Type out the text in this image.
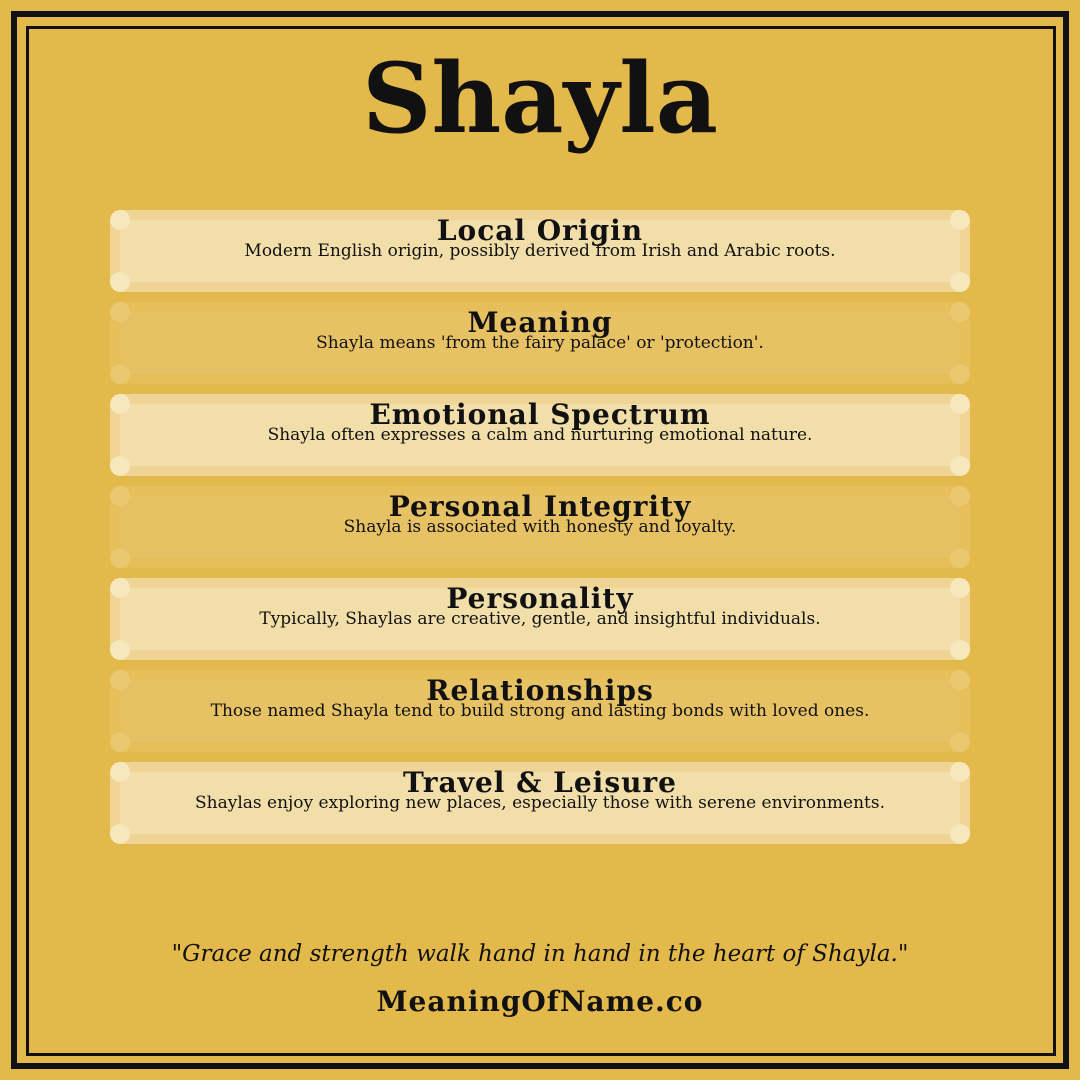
Shayla
Local Origin
Modern English origin, possibly derived from Irish and Arabic roots.
Meaning
Shayla means 'from the fairy palace' or 'protection'.
Emotional Spectrum
Shayla often expresses a calm and nurturing emotional nature.
Personal Integrity
Shayla is associated with honesty and loyalty.
Personality
Typically, Shaylas are creative, gentle, and insightful individuals.
Relationships
Those named Shayla tend to build strong and lasting bonds with loved ones.
Travel & Leisure
Shaylas enjoy exploring new places, especially those with serene environments.
"Grace and strength walk hand in hand in the heart of Shayla."
MeaningOfName.co
